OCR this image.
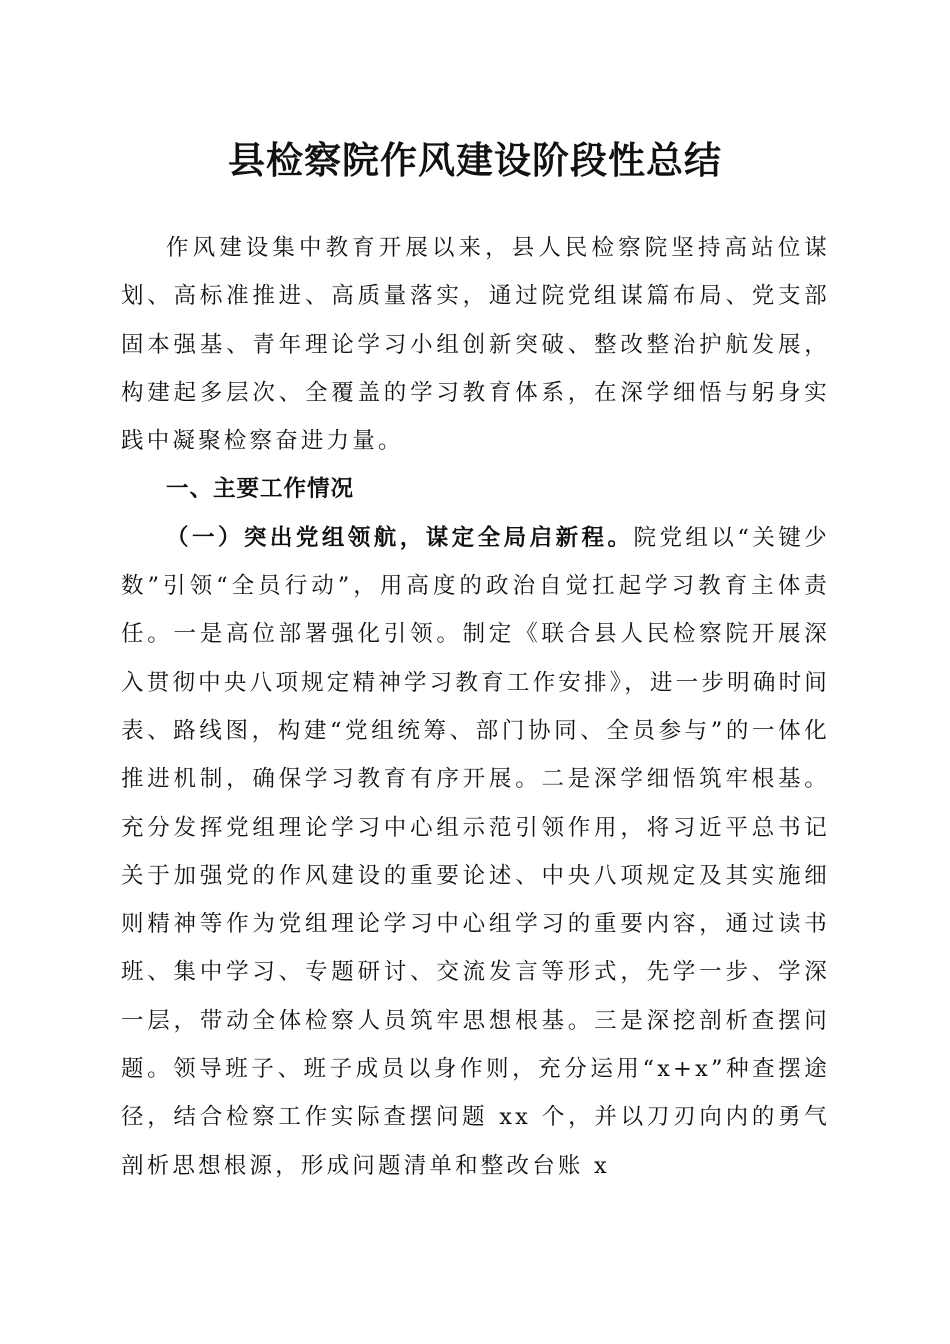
县检察院作风建设阶段性总结

作风建设集中教育开展以来，县人民检察院坚持高站位谋划、高标准推进、高质量落实，通过院党组谋篇布局、党支部固本强基、青年理论学习小组创新突破、整改整治护航发展，构建起多层次、全覆盖的学习教育体系，在深学细悟与躬身实践中凝聚检察奋进力量。

一、主要工作情况

（一）突出党组领航，谋定全局启新程。院党组以“关键少数”引领“全员行动”，用高度的政治自觉扛起学习教育主体责任。一是高位部署强化引领。制定《联合县人民检察院开展深入贯彻中央八项规定精神学习教育工作安排》，进一步明确时间表、路线图，构建“党组统筹、部门协同、全员参与”的一体化推进机制，确保学习教育有序开展。二是深学细悟筑牢根基。充分发挥党组理论学习中心组示范引领作用，将习近平总书记关于加强党的作风建设的重要论述、中央八项规定及其实施细则精神等作为党组理论学习中心组学习的重要内容，通过读书班、集中学习、专题研讨、交流发言等形式，先学一步、学深一层，带动全体检察人员筑牢思想根基。三是深挖剖析查摆问题。领导班子、班子成员以身作则，充分运用“x+x”种查摆途径，结合检察工作实际查摆问题 xx 个，并以刀刃向内的勇气剖析思想根源，形成问题清单和整改台账 x
